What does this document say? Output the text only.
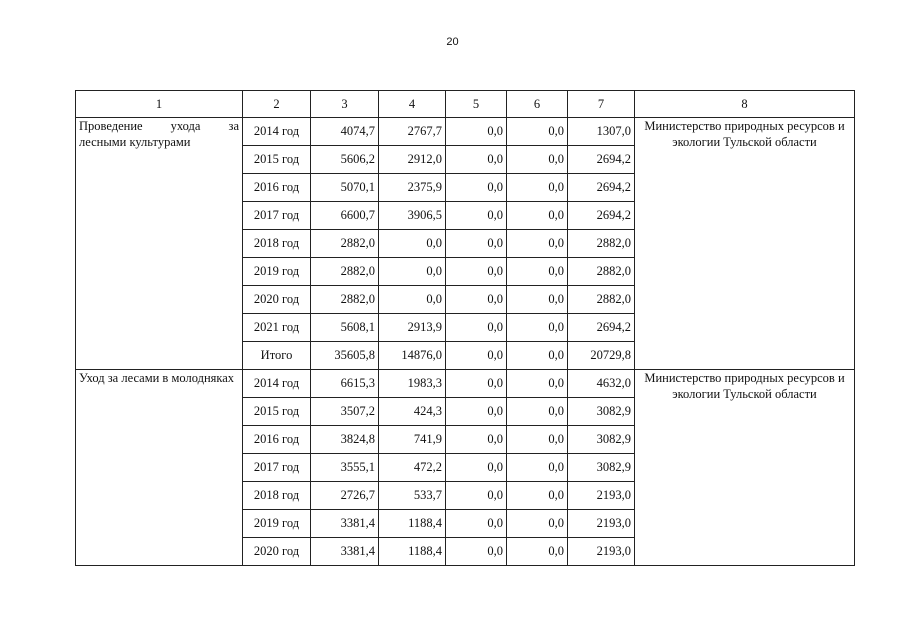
20
1	2	3	4	5	6	7	8
Проведение ухода за лесными культурами	2014 год	4074,7	2767,7	0,0	0,0	1307,0	Министерство природных ресурсов и экологии Тульской области
	2015 год	5606,2	2912,0	0,0	0,0	2694,2	
	2016 год	5070,1	2375,9	0,0	0,0	2694,2	
	2017 год	6600,7	3906,5	0,0	0,0	2694,2	
	2018 год	2882,0	0,0	0,0	0,0	2882,0	
	2019 год	2882,0	0,0	0,0	0,0	2882,0	
	2020 год	2882,0	0,0	0,0	0,0	2882,0	
	2021 год	5608,1	2913,9	0,0	0,0	2694,2	
	Итого	35605,8	14876,0	0,0	0,0	20729,8	
Уход за лесами в молодняках	2014 год	6615,3	1983,3	0,0	0,0	4632,0	Министерство природных ресурсов и экологии Тульской области
	2015 год	3507,2	424,3	0,0	0,0	3082,9	
	2016 год	3824,8	741,9	0,0	0,0	3082,9	
	2017 год	3555,1	472,2	0,0	0,0	3082,9	
	2018 год	2726,7	533,7	0,0	0,0	2193,0	
	2019 год	3381,4	1188,4	0,0	0,0	2193,0	
	2020 год	3381,4	1188,4	0,0	0,0	2193,0	
